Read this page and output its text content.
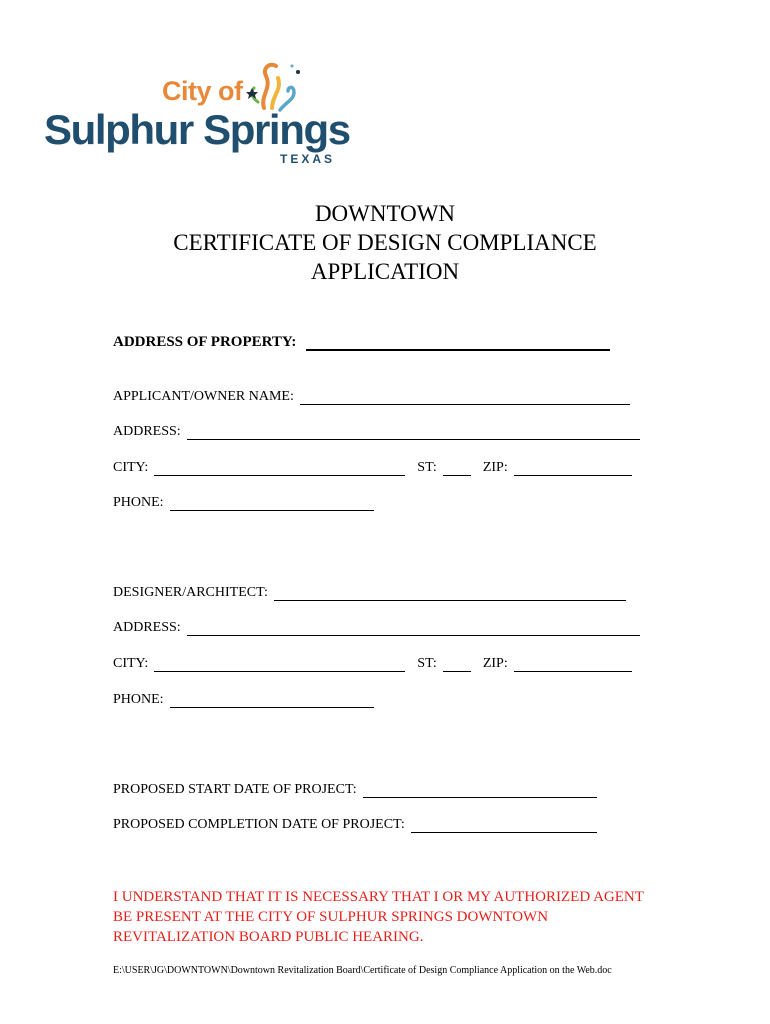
City of
Sulphur Springs
TEXAS
DOWNTOWN
CERTIFICATE OF DESIGN COMPLIANCE
APPLICATION
ADDRESS OF PROPERTY:
APPLICANT/OWNER NAME:
ADDRESS:
CITY:	ST:	ZIP:
PHONE:
DESIGNER/ARCHITECT:
ADDRESS:
CITY:	ST:	ZIP:
PHONE:
PROPOSED START DATE OF PROJECT:
PROPOSED COMPLETION DATE OF PROJECT:
I UNDERSTAND THAT IT IS NECESSARY THAT I OR MY AUTHORIZED AGENT BE PRESENT AT THE CITY OF SULPHUR SPRINGS DOWNTOWN REVITALIZATION BOARD PUBLIC HEARING.
E:\USER\JG\DOWNTOWN\Downtown Revitalization Board\Certificate of Design Compliance Application on the Web.doc
